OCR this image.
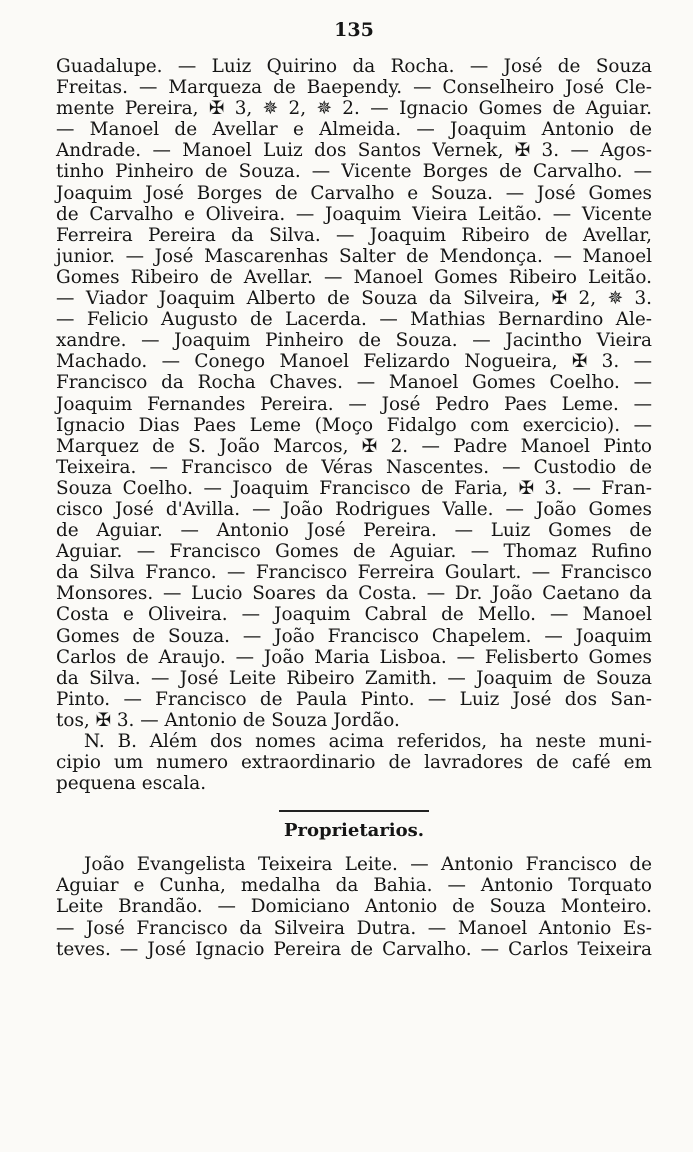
135
Guadalupe. — Luiz Quirino da Rocha. — José de Souza
Freitas. — Marqueza de Baependy. — Conselheiro José Cle-
mente Pereira, ✠ 3, ✵ 2, ✵ 2. — Ignacio Gomes de Aguiar.
— Manoel de Avellar e Almeida. — Joaquim Antonio de
Andrade. — Manoel Luiz dos Santos Vernek, ✠ 3. — Agos-
tinho Pinheiro de Souza. — Vicente Borges de Carvalho. —
Joaquim José Borges de Carvalho e Souza. — José Gomes
de Carvalho e Oliveira. — Joaquim Vieira Leitão. — Vicente
Ferreira Pereira da Silva. — Joaquim Ribeiro de Avellar,
junior. — José Mascarenhas Salter de Mendonça. — Manoel
Gomes Ribeiro de Avellar. — Manoel Gomes Ribeiro Leitão.
— Viador Joaquim Alberto de Souza da Silveira, ✠ 2, ✵ 3.
— Felicio Augusto de Lacerda. — Mathias Bernardino Ale-
xandre. — Joaquim Pinheiro de Souza. — Jacintho Vieira
Machado. — Conego Manoel Felizardo Nogueira, ✠ 3. —
Francisco da Rocha Chaves. — Manoel Gomes Coelho. —
Joaquim Fernandes Pereira. — José Pedro Paes Leme. —
Ignacio Dias Paes Leme (Moço Fidalgo com exercicio). —
Marquez de S. João Marcos, ✠ 2. — Padre Manoel Pinto
Teixeira. — Francisco de Véras Nascentes. — Custodio de
Souza Coelho. — Joaquim Francisco de Faria, ✠ 3. — Fran-
cisco José d'Avilla. — João Rodrigues Valle. — João Gomes
de Aguiar. — Antonio José Pereira. — Luiz Gomes de
Aguiar. — Francisco Gomes de Aguiar. — Thomaz Rufino
da Silva Franco. — Francisco Ferreira Goulart. — Francisco
Monsores. — Lucio Soares da Costa. — Dr. João Caetano da
Costa e Oliveira. — Joaquim Cabral de Mello. — Manoel
Gomes de Souza. — João Francisco Chapelem. — Joaquim
Carlos de Araujo. — João Maria Lisboa. — Felisberto Gomes
da Silva. — José Leite Ribeiro Zamith. — Joaquim de Souza
Pinto. — Francisco de Paula Pinto. — Luiz José dos San-
tos, ✠ 3. — Antonio de Souza Jordão.
N. B. Além dos nomes acima referidos, ha neste muni-
cipio um numero extraordinario de lavradores de café em
pequena escala.
Proprietarios.
João Evangelista Teixeira Leite. — Antonio Francisco de
Aguiar e Cunha, medalha da Bahia. — Antonio Torquato
Leite Brandão. — Domiciano Antonio de Souza Monteiro.
— José Francisco da Silveira Dutra. — Manoel Antonio Es-
teves. — José Ignacio Pereira de Carvalho. — Carlos Teixeira
